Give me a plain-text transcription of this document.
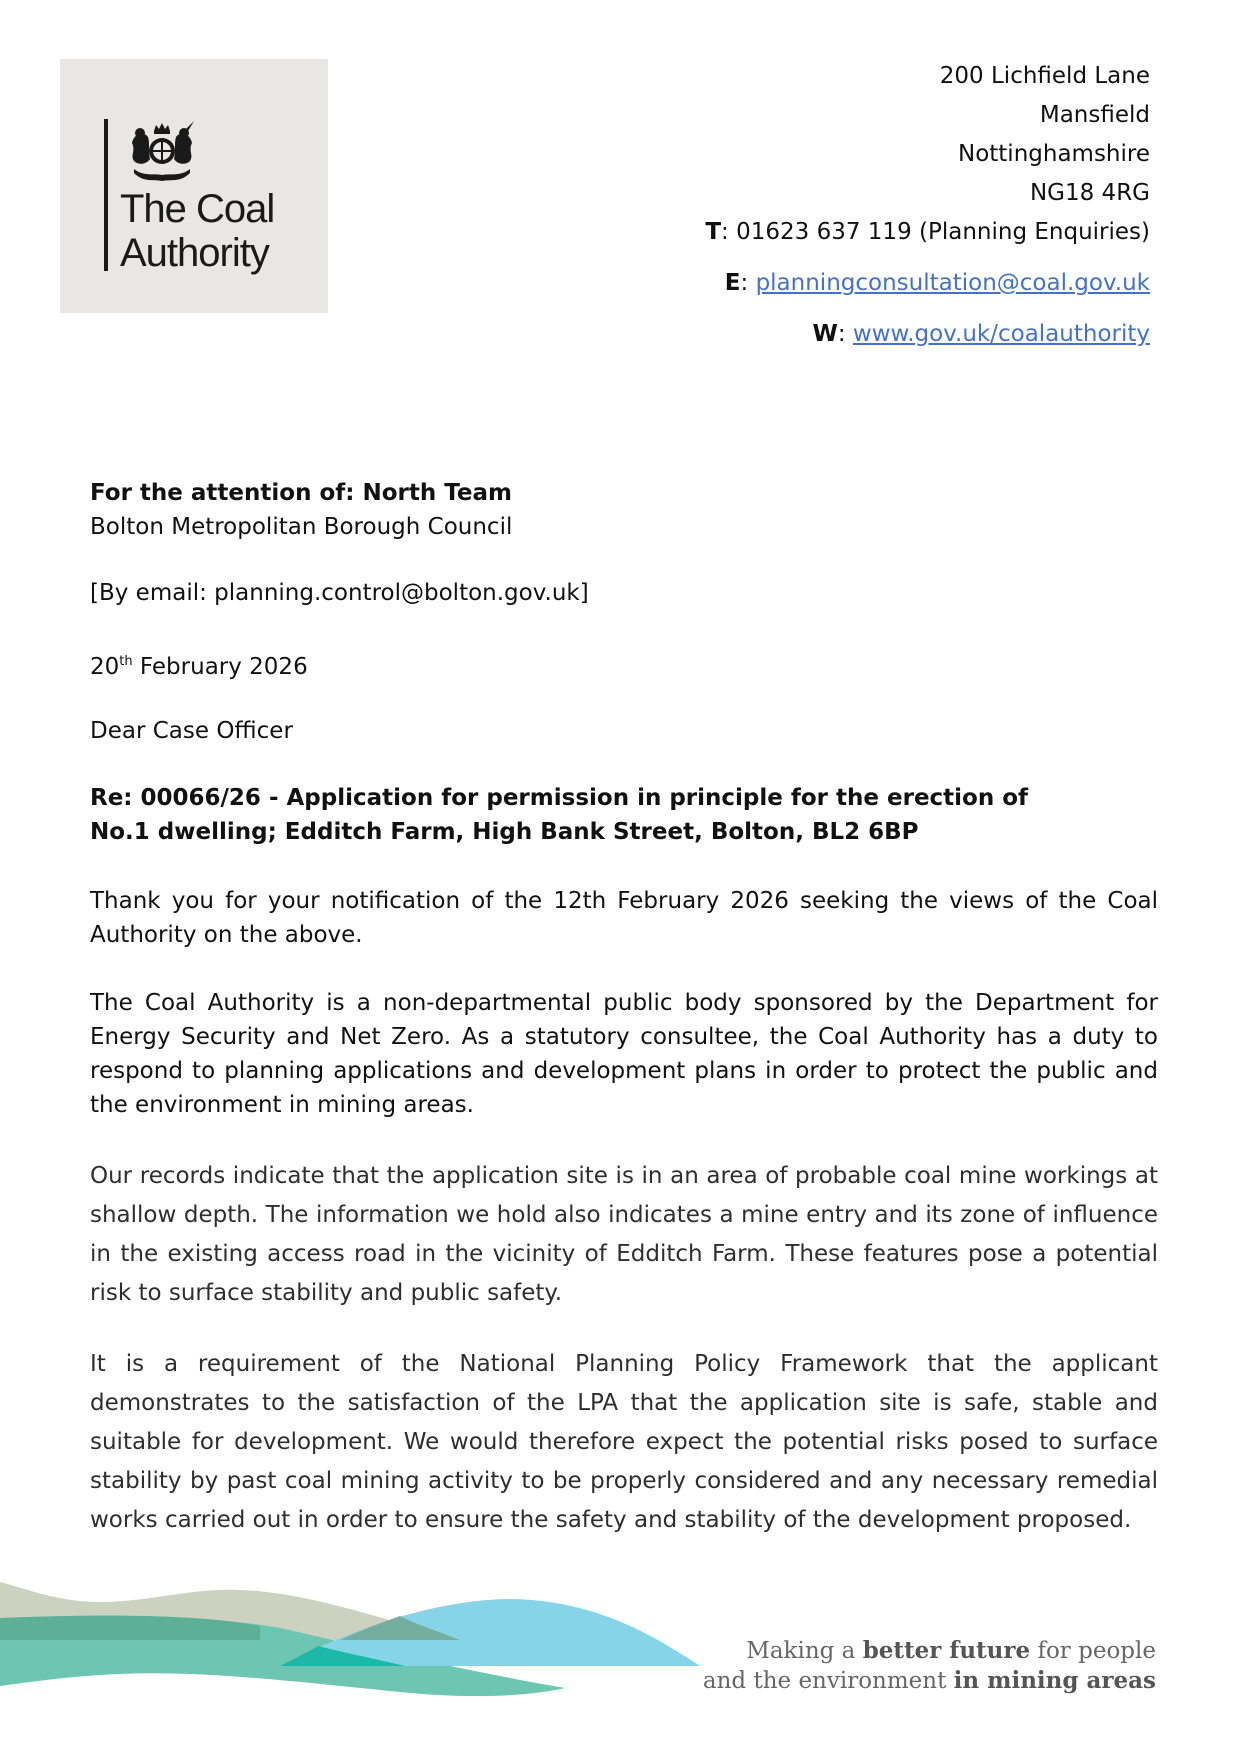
The Coal
Authority
200 Lichfield Lane
Mansfield
Nottinghamshire
NG18 4RG
T: 01623 637 119 (Planning Enquiries)
E: planningconsultation@coal.gov.uk
W: www.gov.uk/coalauthority
For the attention of: North Team
Bolton Metropolitan Borough Council
[By email: planning.control@bolton.gov.uk]
20th February 2026
Dear Case Officer
Re: 00066/26 - Application for permission in principle for the erection of No.1 dwelling; Edditch Farm, High Bank Street, Bolton, BL2 6BP
Thank you for your notification of the 12th February 2026 seeking the views of the Coal Authority on the above.
The Coal Authority is a non-departmental public body sponsored by the Department for Energy Security and Net Zero. As a statutory consultee, the Coal Authority has a duty to respond to planning applications and development plans in order to protect the public and the environment in mining areas.
Our records indicate that the application site is in an area of probable coal mine workings at shallow depth. The information we hold also indicates a mine entry and its zone of influence in the existing access road in the vicinity of Edditch Farm. These features pose a potential risk to surface stability and public safety.
It is a requirement of the National Planning Policy Framework that the applicant demonstrates to the satisfaction of the LPA that the application site is safe, stable and suitable for development. We would therefore expect the potential risks posed to surface stability by past coal mining activity to be properly considered and any necessary remedial works carried out in order to ensure the safety and stability of the development proposed.
Making a better future for people
and the environment in mining areas
